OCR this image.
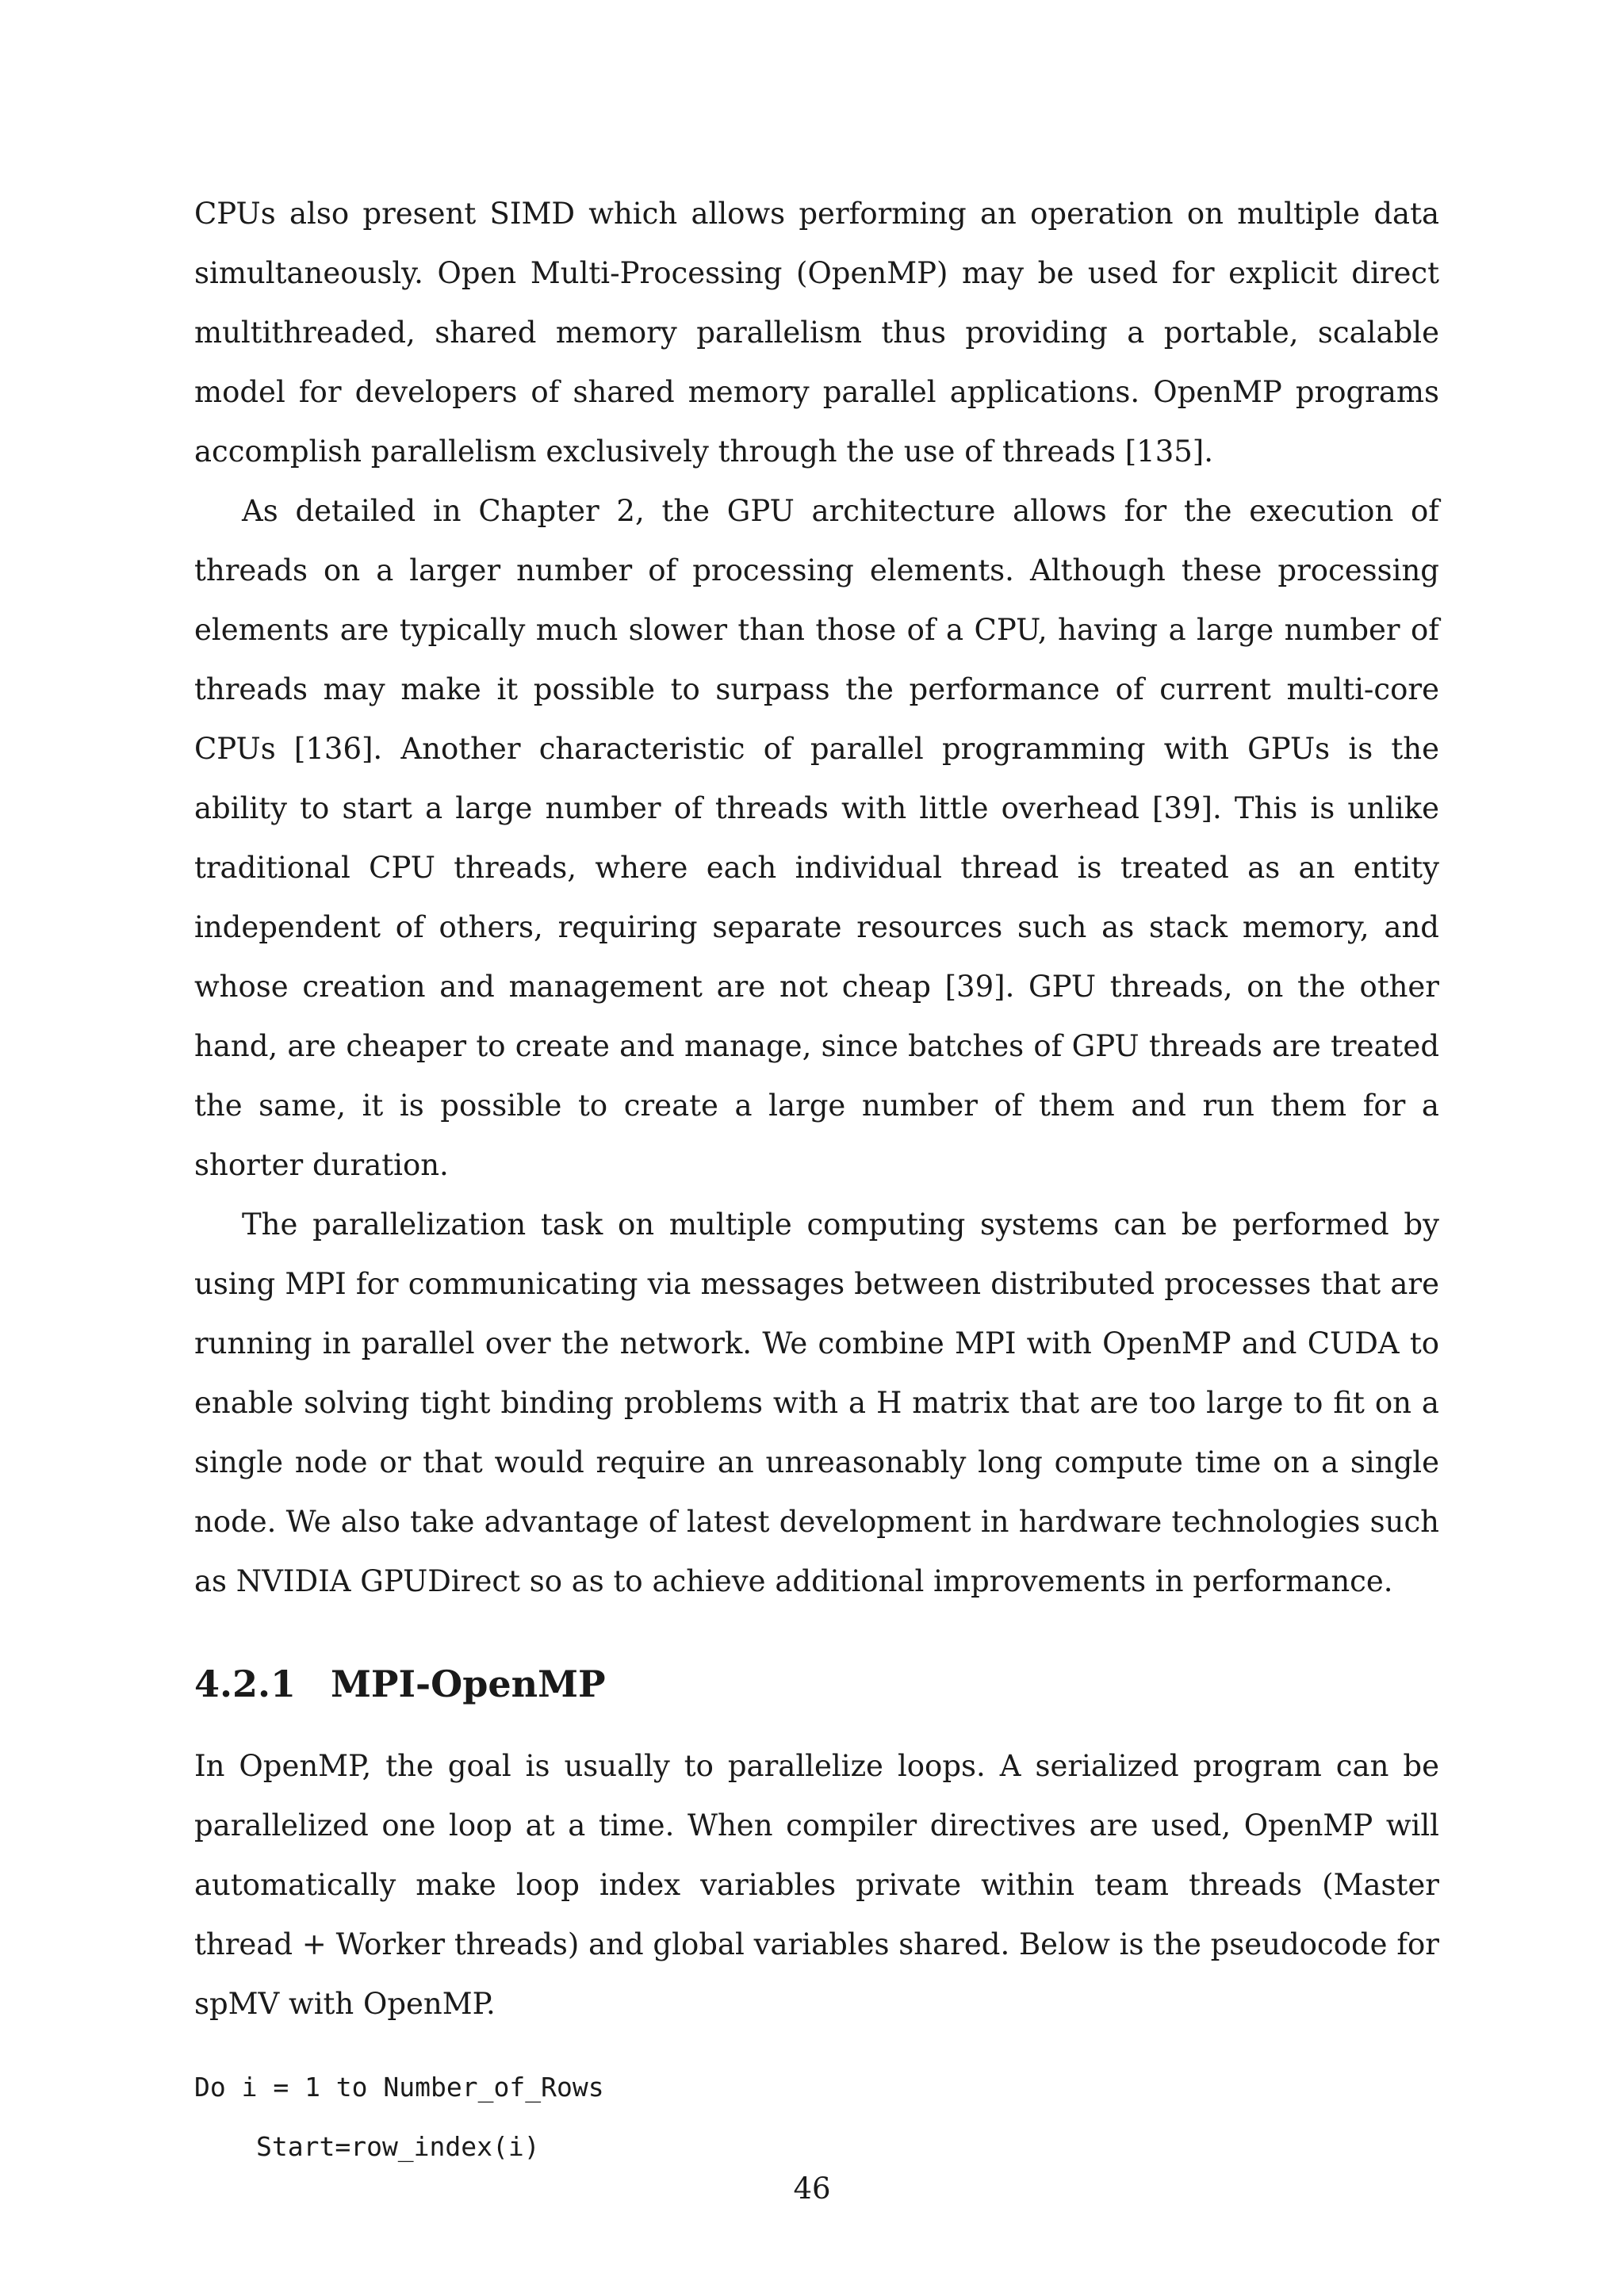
CPUs also present SIMD which allows performing an operation on multiple data simultaneously. Open Multi-Processing (OpenMP) may be used for explicit direct multithreaded, shared memory parallelism thus providing a portable, scalable model for developers of shared memory parallel applications. OpenMP programs accomplish parallelism exclusively through the use of threads [135].

As detailed in Chapter 2, the GPU architecture allows for the execution of threads on a larger number of processing elements. Although these processing elements are typically much slower than those of a CPU, having a large number of threads may make it possible to surpass the performance of current multi-core CPUs [136]. Another characteristic of parallel programming with GPUs is the ability to start a large number of threads with little overhead [39]. This is unlike traditional CPU threads, where each individual thread is treated as an entity independent of others, requiring separate resources such as stack memory, and whose creation and management are not cheap [39]. GPU threads, on the other hand, are cheaper to create and manage, since batches of GPU threads are treated the same, it is possible to create a large number of them and run them for a shorter duration.

The parallelization task on multiple computing systems can be performed by using MPI for communicating via messages between distributed processes that are running in parallel over the network. We combine MPI with OpenMP and CUDA to enable solving tight binding problems with a H matrix that are too large to fit on a single node or that would require an unreasonably long compute time on a single node. We also take advantage of latest development in hardware technologies such as NVIDIA GPUDirect so as to achieve additional improvements in performance.

4.2.1 MPI-OpenMP

In OpenMP, the goal is usually to parallelize loops. A serialized program can be parallelized one loop at a time. When compiler directives are used, OpenMP will automatically make loop index variables private within team threads (Master thread + Worker threads) and global variables shared. Below is the pseudocode for spMV with OpenMP.

Do i = 1 to Number_of_Rows
Start=row_index(i)
46
